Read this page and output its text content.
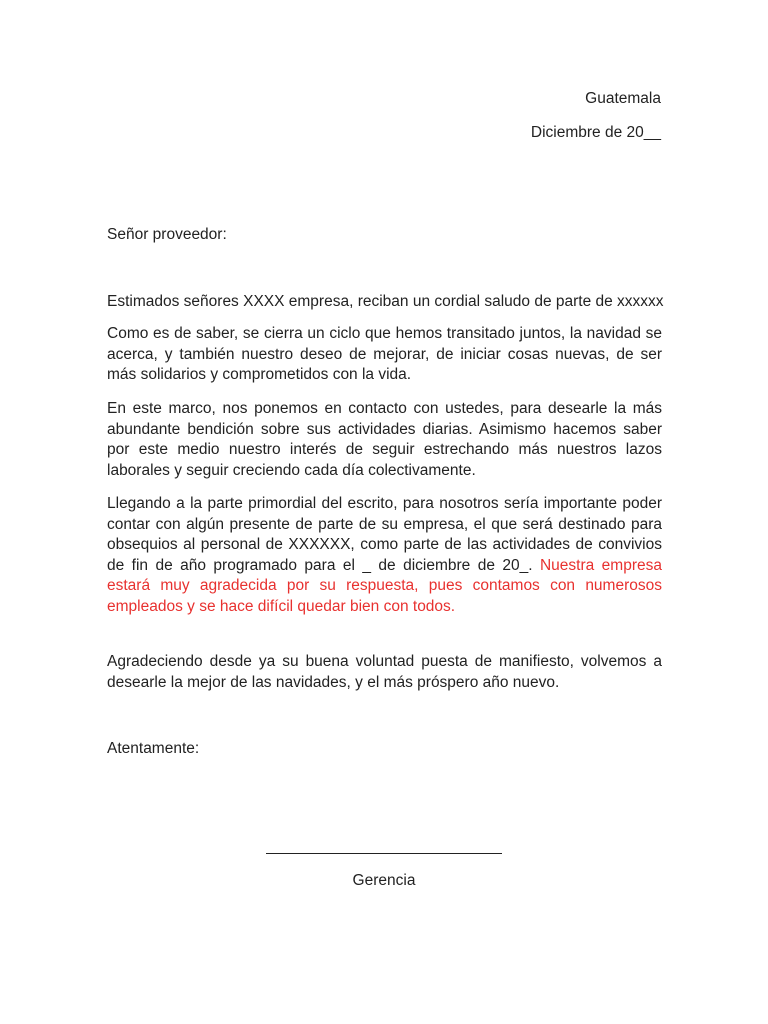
Guatemala
Diciembre de 20__
Señor proveedor:
Estimados señores XXXX empresa, reciban un cordial saludo de parte de xxxxxx
Como es de saber, se cierra un ciclo que hemos transitado juntos, la navidad se acerca, y también nuestro deseo de mejorar, de iniciar cosas nuevas, de ser más solidarios y comprometidos con la vida.
En este marco, nos ponemos en contacto con ustedes, para desearle la más abundante bendición sobre sus actividades diarias. Asimismo hacemos saber por este medio nuestro interés de seguir estrechando más nuestros lazos laborales y seguir creciendo cada día colectivamente.
Llegando a la parte primordial del escrito, para nosotros sería importante poder contar con algún presente de parte de su empresa, el que será destinado para obsequios al personal de XXXXXX, como parte de las actividades de convivios de fin de año programado para el _ de diciembre de 20_. Nuestra empresa estará muy agradecida por su respuesta, pues contamos con numerosos empleados y se hace difícil quedar bien con todos.
Agradeciendo desde ya su buena voluntad puesta de manifiesto, volvemos a desearle la mejor de las navidades, y el más próspero año nuevo.
Atentamente:
Gerencia
